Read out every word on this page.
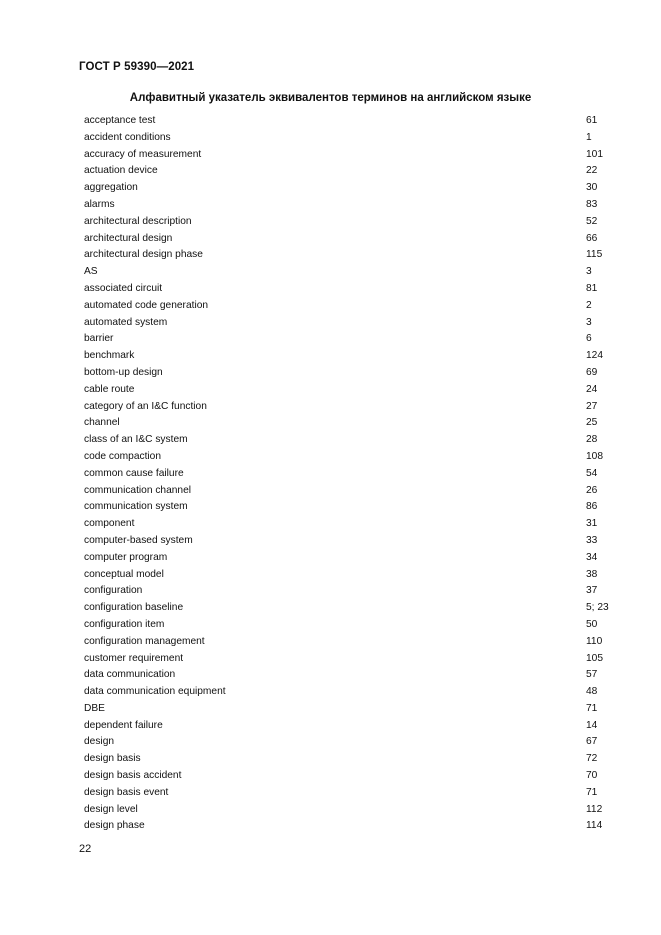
ГОСТ Р 59390—2021
Алфавитный указатель эквивалентов терминов на английском языке
acceptance test	61
accident conditions	1
accuracy of measurement	101
actuation device	22
aggregation	30
alarms	83
architectural description	52
architectural design	66
architectural design phase	115
AS	3
associated circuit	81
automated code generation	2
automated system	3
barrier	6
benchmark	124
bottom-up design	69
cable route	24
category of an I&C function	27
channel	25
class of an I&C system	28
code compaction	108
common cause failure	54
communication channel	26
communication system	86
component	31
computer-based system	33
computer program	34
conceptual model	38
configuration	37
configuration baseline	5; 23
configuration item	50
configuration management	110
customer requirement	105
data communication	57
data communication equipment	48
DBE	71
dependent failure	14
design	67
design basis	72
design basis accident	70
design basis event	71
design level	112
design phase	114
22
